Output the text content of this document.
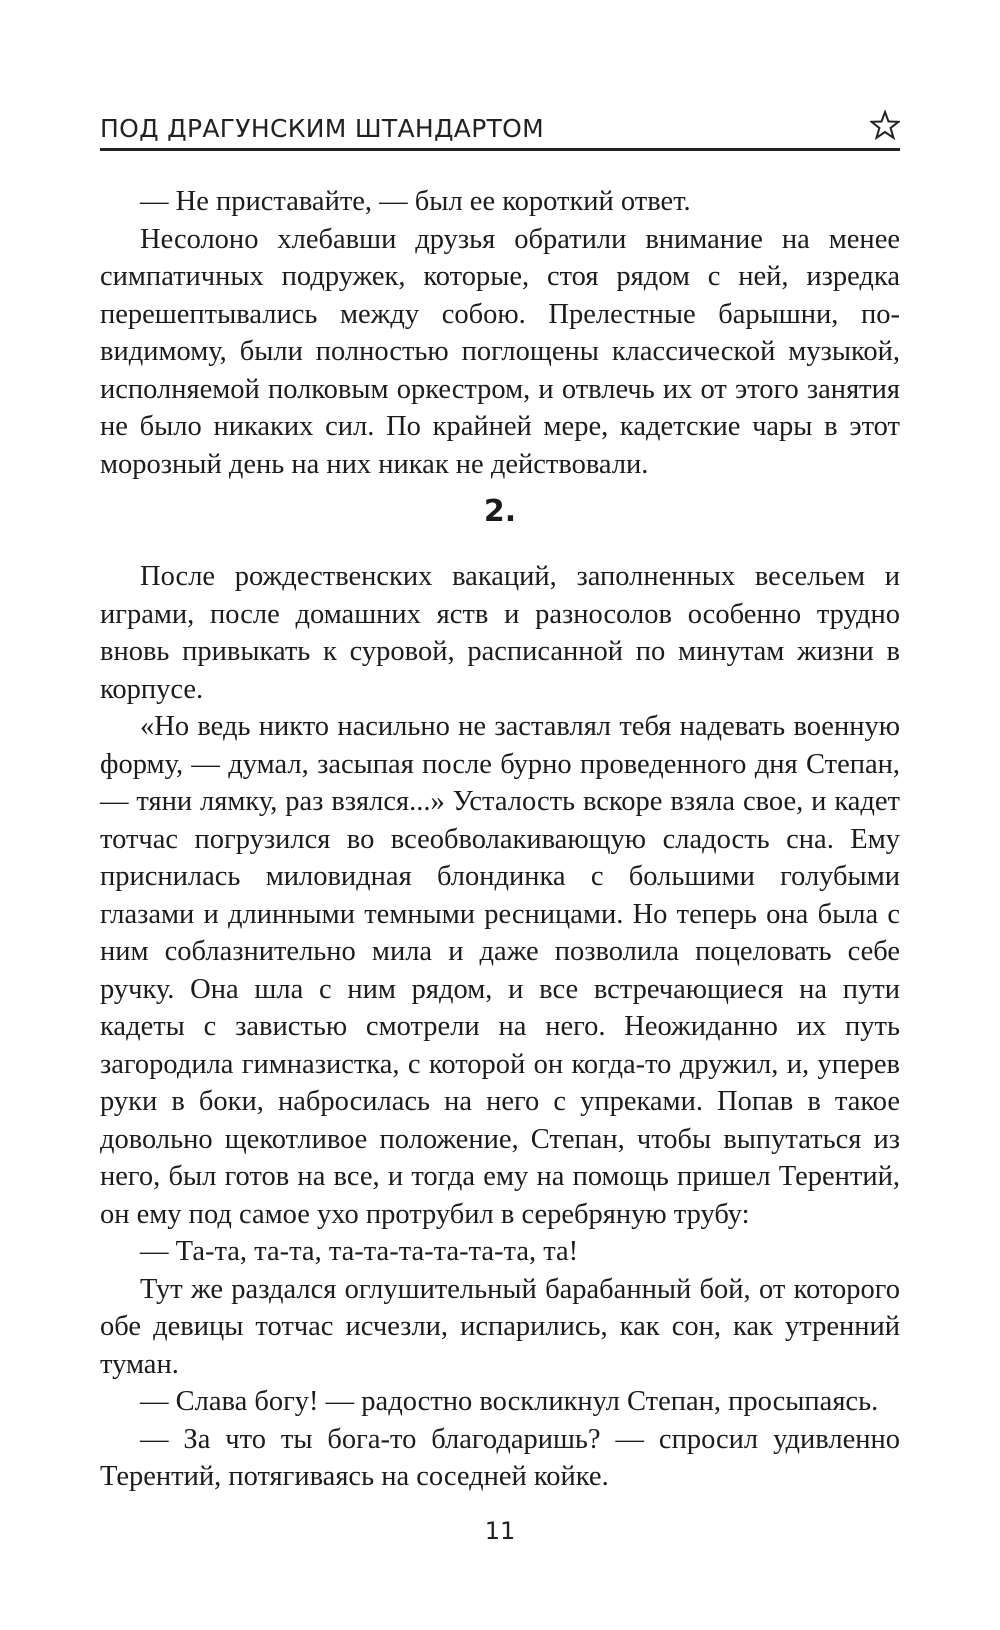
ПОД ДРАГУНСКИМ ШТАНДАРТОМ

— Не приставайте, — был ее короткий ответ.

Несолоно хлебавши друзья обратили внимание на менее симпатичных подружек, которые, стоя рядом с ней, изредка перешептывались между собою. Прелестные барышни, по-видимому, были полностью поглощены классической музыкой, исполняемой полковым оркестром, и отвлечь их от этого занятия не было никаких сил. По крайней мере, кадетские чары в этот морозный день на них никак не действовали.

2.

После рождественских вакаций, заполненных весельем и играми, после домашних яств и разносолов особенно трудно вновь привыкать к суровой, расписанной по минутам жизни в корпусе.

«Но ведь никто насильно не заставлял тебя надевать военную форму, — думал, засыпая после бурно проведенного дня Степан, — тяни лямку, раз взялся...» Усталость вскоре взяла свое, и кадет тотчас погрузился во всеобволакивающую сладость сна. Ему приснилась миловидная блондинка с большими голубыми глазами и длинными темными ресницами. Но теперь она была с ним соблазнительно мила и даже позволила поцеловать себе ручку. Она шла с ним рядом, и все встречающиеся на пути кадеты с завистью смотрели на него. Неожиданно их путь загородила гимназистка, с которой он когда-то дружил, и, уперев руки в боки, набросилась на него с упреками. Попав в такое довольно щекотливое положение, Степан, чтобы выпутаться из него, был готов на все, и тогда ему на помощь пришел Терентий, он ему под самое ухо протрубил в серебряную трубу:

— Та-та, та-та, та-та-та-та-та-та, та!

Тут же раздался оглушительный барабанный бой, от которого обе девицы тотчас исчезли, испарились, как сон, как утренний туман.

— Слава богу! — радостно воскликнул Степан, просыпаясь.

— За что ты бога-то благодаришь? — спросил удивленно Терентий, потягиваясь на соседней койке.

11
